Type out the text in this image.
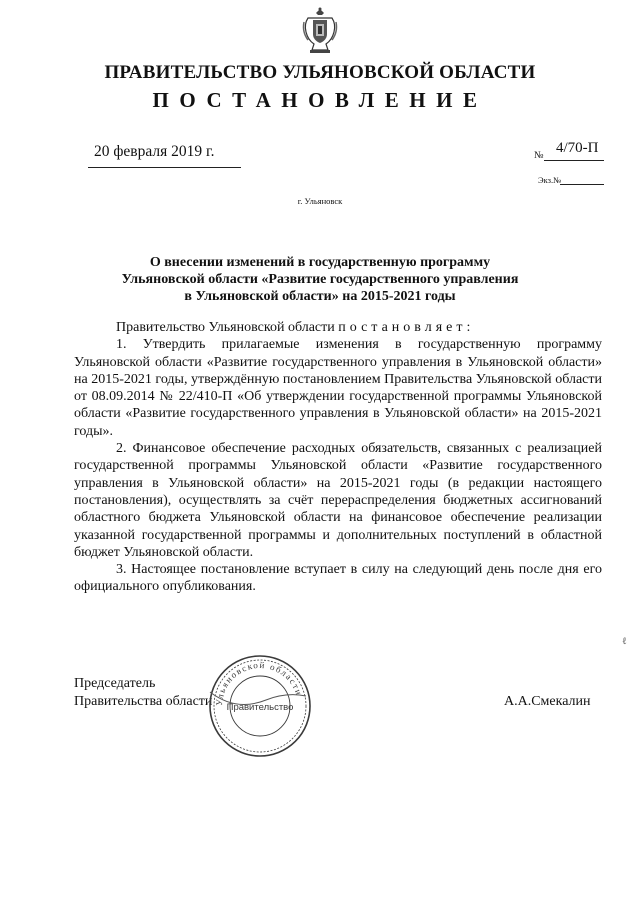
ПРАВИТЕЛЬСТВО УЛЬЯНОВСКОЙ ОБЛАСТИ
ПОСТАНОВЛЕНИЕ
20 февраля 2019 г.	№ 4/70-П
Экз.№
г. Ульяновск
О внесении изменений в государственную программу
Ульяновской области «Развитие государственного управления
в Ульяновской области» на 2015-2021 годы

Правительство Ульяновской области постановляет:

1. Утвердить прилагаемые изменения в государственную программу Ульяновской области «Развитие государственного управления в Ульяновской области» на 2015-2021 годы, утверждённую постановлением Правительства Ульяновской области от 08.09.2014 № 22/410-П «Об утверждении государственной программы Ульяновской области «Развитие государственного управления в Ульяновской области» на 2015-2021 годы».

2. Финансовое обеспечение расходных обязательств, связанных с реализацией государственной программы Ульяновской области «Развитие государственного управления в Ульяновской области» на 2015-2021 годы (в редакции настоящего постановления), осуществлять за счёт перераспределения бюджетных ассигнований областного бюджета Ульяновской области на финансовое обеспечение реализации указанной государственной программы и дополнительных поступлений в областной бюджет Ульяновской области.

3. Настоящее постановление вступает в силу на следующий день после дня его официального опубликования.

Председатель
Правительства области	А.А.Смекалин
Ульяновской области
Правительство
ℓ
